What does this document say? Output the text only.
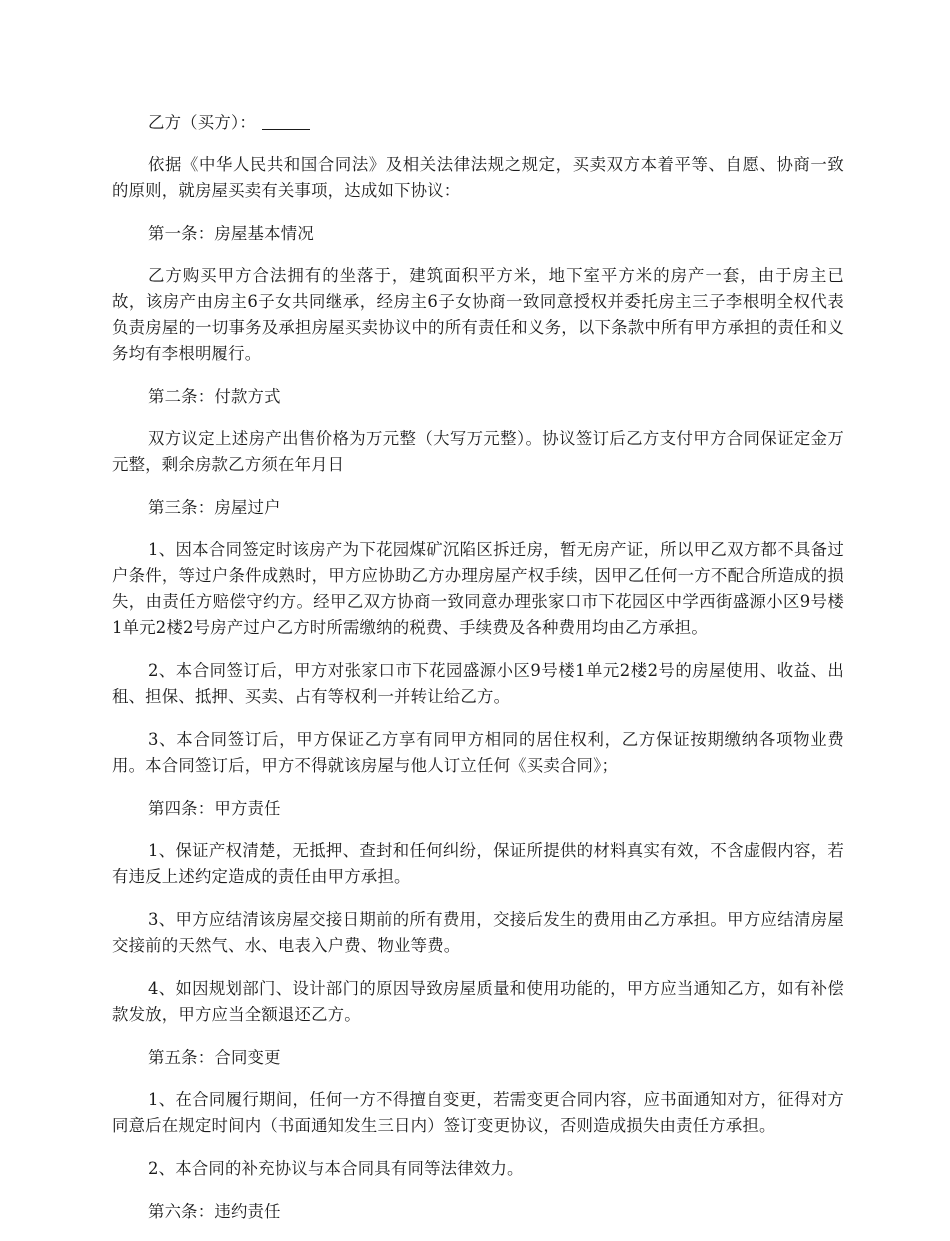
乙方（买方）：

依据《中华人民共和国合同法》及相关法律法规之规定，买卖双方本着平等、自愿、协商一致的原则，就房屋买卖有关事项，达成如下协议：

第一条：房屋基本情况

乙方购买甲方合法拥有的坐落于，建筑面积平方米，地下室平方米的房产一套，由于房主已故，该房产由房主6子女共同继承，经房主6子女协商一致同意授权并委托房主三子李根明全权代表负责房屋的一切事务及承担房屋买卖协议中的所有责任和义务，以下条款中所有甲方承担的责任和义务均有李根明履行。

第二条：付款方式

双方议定上述房产出售价格为万元整（大写万元整）。协议签订后乙方支付甲方合同保证定金万元整，剩余房款乙方须在年月日

第三条：房屋过户

1、因本合同签定时该房产为下花园煤矿沉陷区拆迁房，暂无房产证，所以甲乙双方都不具备过户条件，等过户条件成熟时，甲方应协助乙方办理房屋产权手续，因甲乙任何一方不配合所造成的损失，由责任方赔偿守约方。经甲乙双方协商一致同意办理张家口市下花园区中学西街盛源小区9号楼1单元2楼2号房产过户乙方时所需缴纳的税费、手续费及各种费用均由乙方承担。

2、本合同签订后，甲方对张家口市下花园盛源小区9号楼1单元2楼2号的房屋使用、收益、出租、担保、抵押、买卖、占有等权利一并转让给乙方。

3、本合同签订后，甲方保证乙方享有同甲方相同的居住权利，乙方保证按期缴纳各项物业费用。本合同签订后，甲方不得就该房屋与他人订立任何《买卖合同》；

第四条：甲方责任

1、保证产权清楚，无抵押、查封和任何纠纷，保证所提供的材料真实有效，不含虚假内容，若有违反上述约定造成的责任由甲方承担。

3、甲方应结清该房屋交接日期前的所有费用，交接后发生的费用由乙方承担。甲方应结清房屋交接前的天然气、水、电表入户费、物业等费。

4、如因规划部门、设计部门的原因导致房屋质量和使用功能的，甲方应当通知乙方，如有补偿款发放，甲方应当全额退还乙方。

第五条：合同变更

1、在合同履行期间，任何一方不得擅自变更，若需变更合同内容，应书面通知对方，征得对方同意后在规定时间内（书面通知发生三日内）签订变更协议，否则造成损失由责任方承担。

2、本合同的补充协议与本合同具有同等法律效力。

第六条：违约责任
